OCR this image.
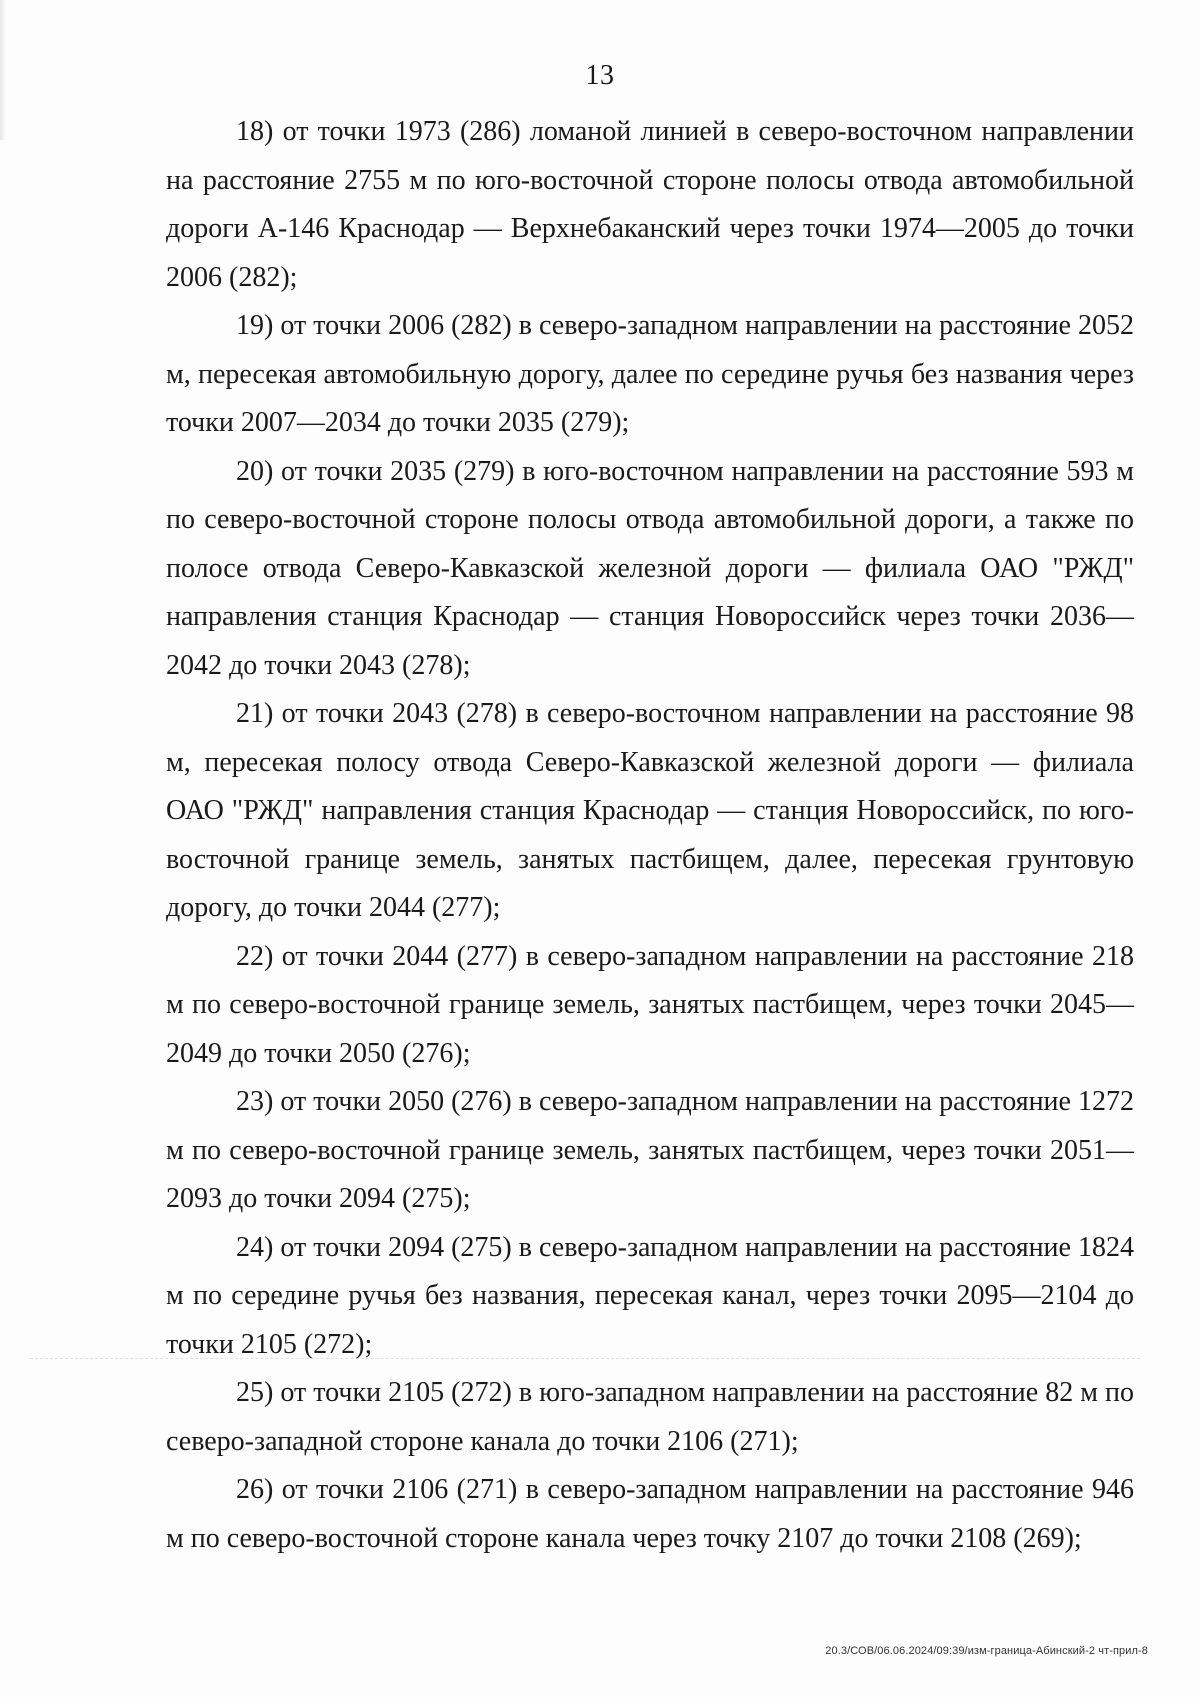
13

18) от точки 1973 (286) ломаной линией в северо-восточном направлении на расстояние 2755 м по юго-восточной стороне полосы отвода автомобильной дороги А-146 Краснодар — Верхнебаканский через точки 1974—2005 до точки 2006 (282);

19) от точки 2006 (282) в северо-западном направлении на расстояние 2052 м, пересекая автомобильную дорогу, далее по середине ручья без названия через точки 2007—2034 до точки 2035 (279);

20) от точки 2035 (279) в юго-восточном направлении на расстояние 593 м по северо-восточной стороне полосы отвода автомобильной дороги, а также по полосе отвода Северо-Кавказской железной дороги — филиала ОАО "РЖД" направления станция Краснодар — станция Новороссийск через точки 2036—2042 до точки 2043 (278);

21) от точки 2043 (278) в северо-восточном направлении на расстояние 98 м, пересекая полосу отвода Северо-Кавказской железной дороги — филиала ОАО "РЖД" направления станция Краснодар — станция Новороссийск, по юго-восточной границе земель, занятых пастбищем, далее, пересекая грунтовую дорогу, до точки 2044 (277);

22) от точки 2044 (277) в северо-западном направлении на расстояние 218 м по северо-восточной границе земель, занятых пастбищем, через точки 2045—2049 до точки 2050 (276);

23) от точки 2050 (276) в северо-западном направлении на расстояние 1272 м по северо-восточной границе земель, занятых пастбищем, через точки 2051—2093 до точки 2094 (275);

24) от точки 2094 (275) в северо-западном направлении на расстояние 1824 м по середине ручья без названия, пересекая канал, через точки 2095—2104 до точки 2105 (272);

25) от точки 2105 (272) в юго-западном направлении на расстояние 82 м по северо-западной стороне канала до точки 2106 (271);

26) от точки 2106 (271) в северо-западном направлении на расстояние 946 м по северо-восточной стороне канала через точку 2107 до точки 2108 (269);

20.3/СОВ/06.06.2024/09:39/изм-граница-Абинский-2 чт-прил-8
